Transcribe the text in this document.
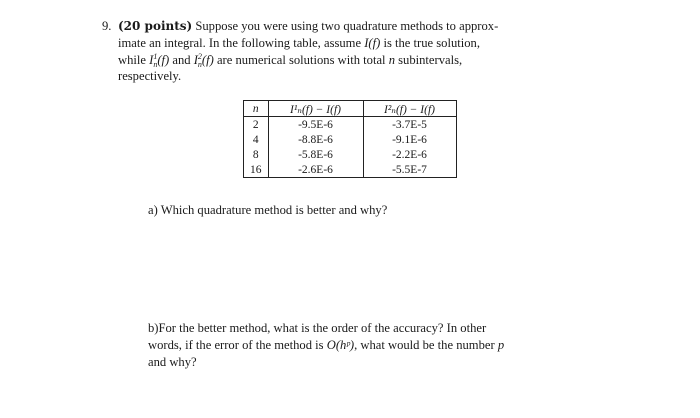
9. (20 points) Suppose you were using two quadrature methods to approx-
imate an integral. In the following table, assume I(f) is the true solution,
while $I^1_n(f)$ and $I^2_n(f)$ are numerical solutions with total n subintervals,
respectively.
n	I¹ₙ(f) − I(f)	I²ₙ(f) − I(f)
2	-9.5E-6	-3.7E-5
4	-8.8E-6	-9.1E-6
8	-5.8E-6	-2.2E-6
16	-2.6E-6	-5.5E-7
a) Which quadrature method is better and why?
b)For the better method, what is the order of the accuracy? In other
words, if the error of the method is O(hᵖ), what would be the number p
and why?
